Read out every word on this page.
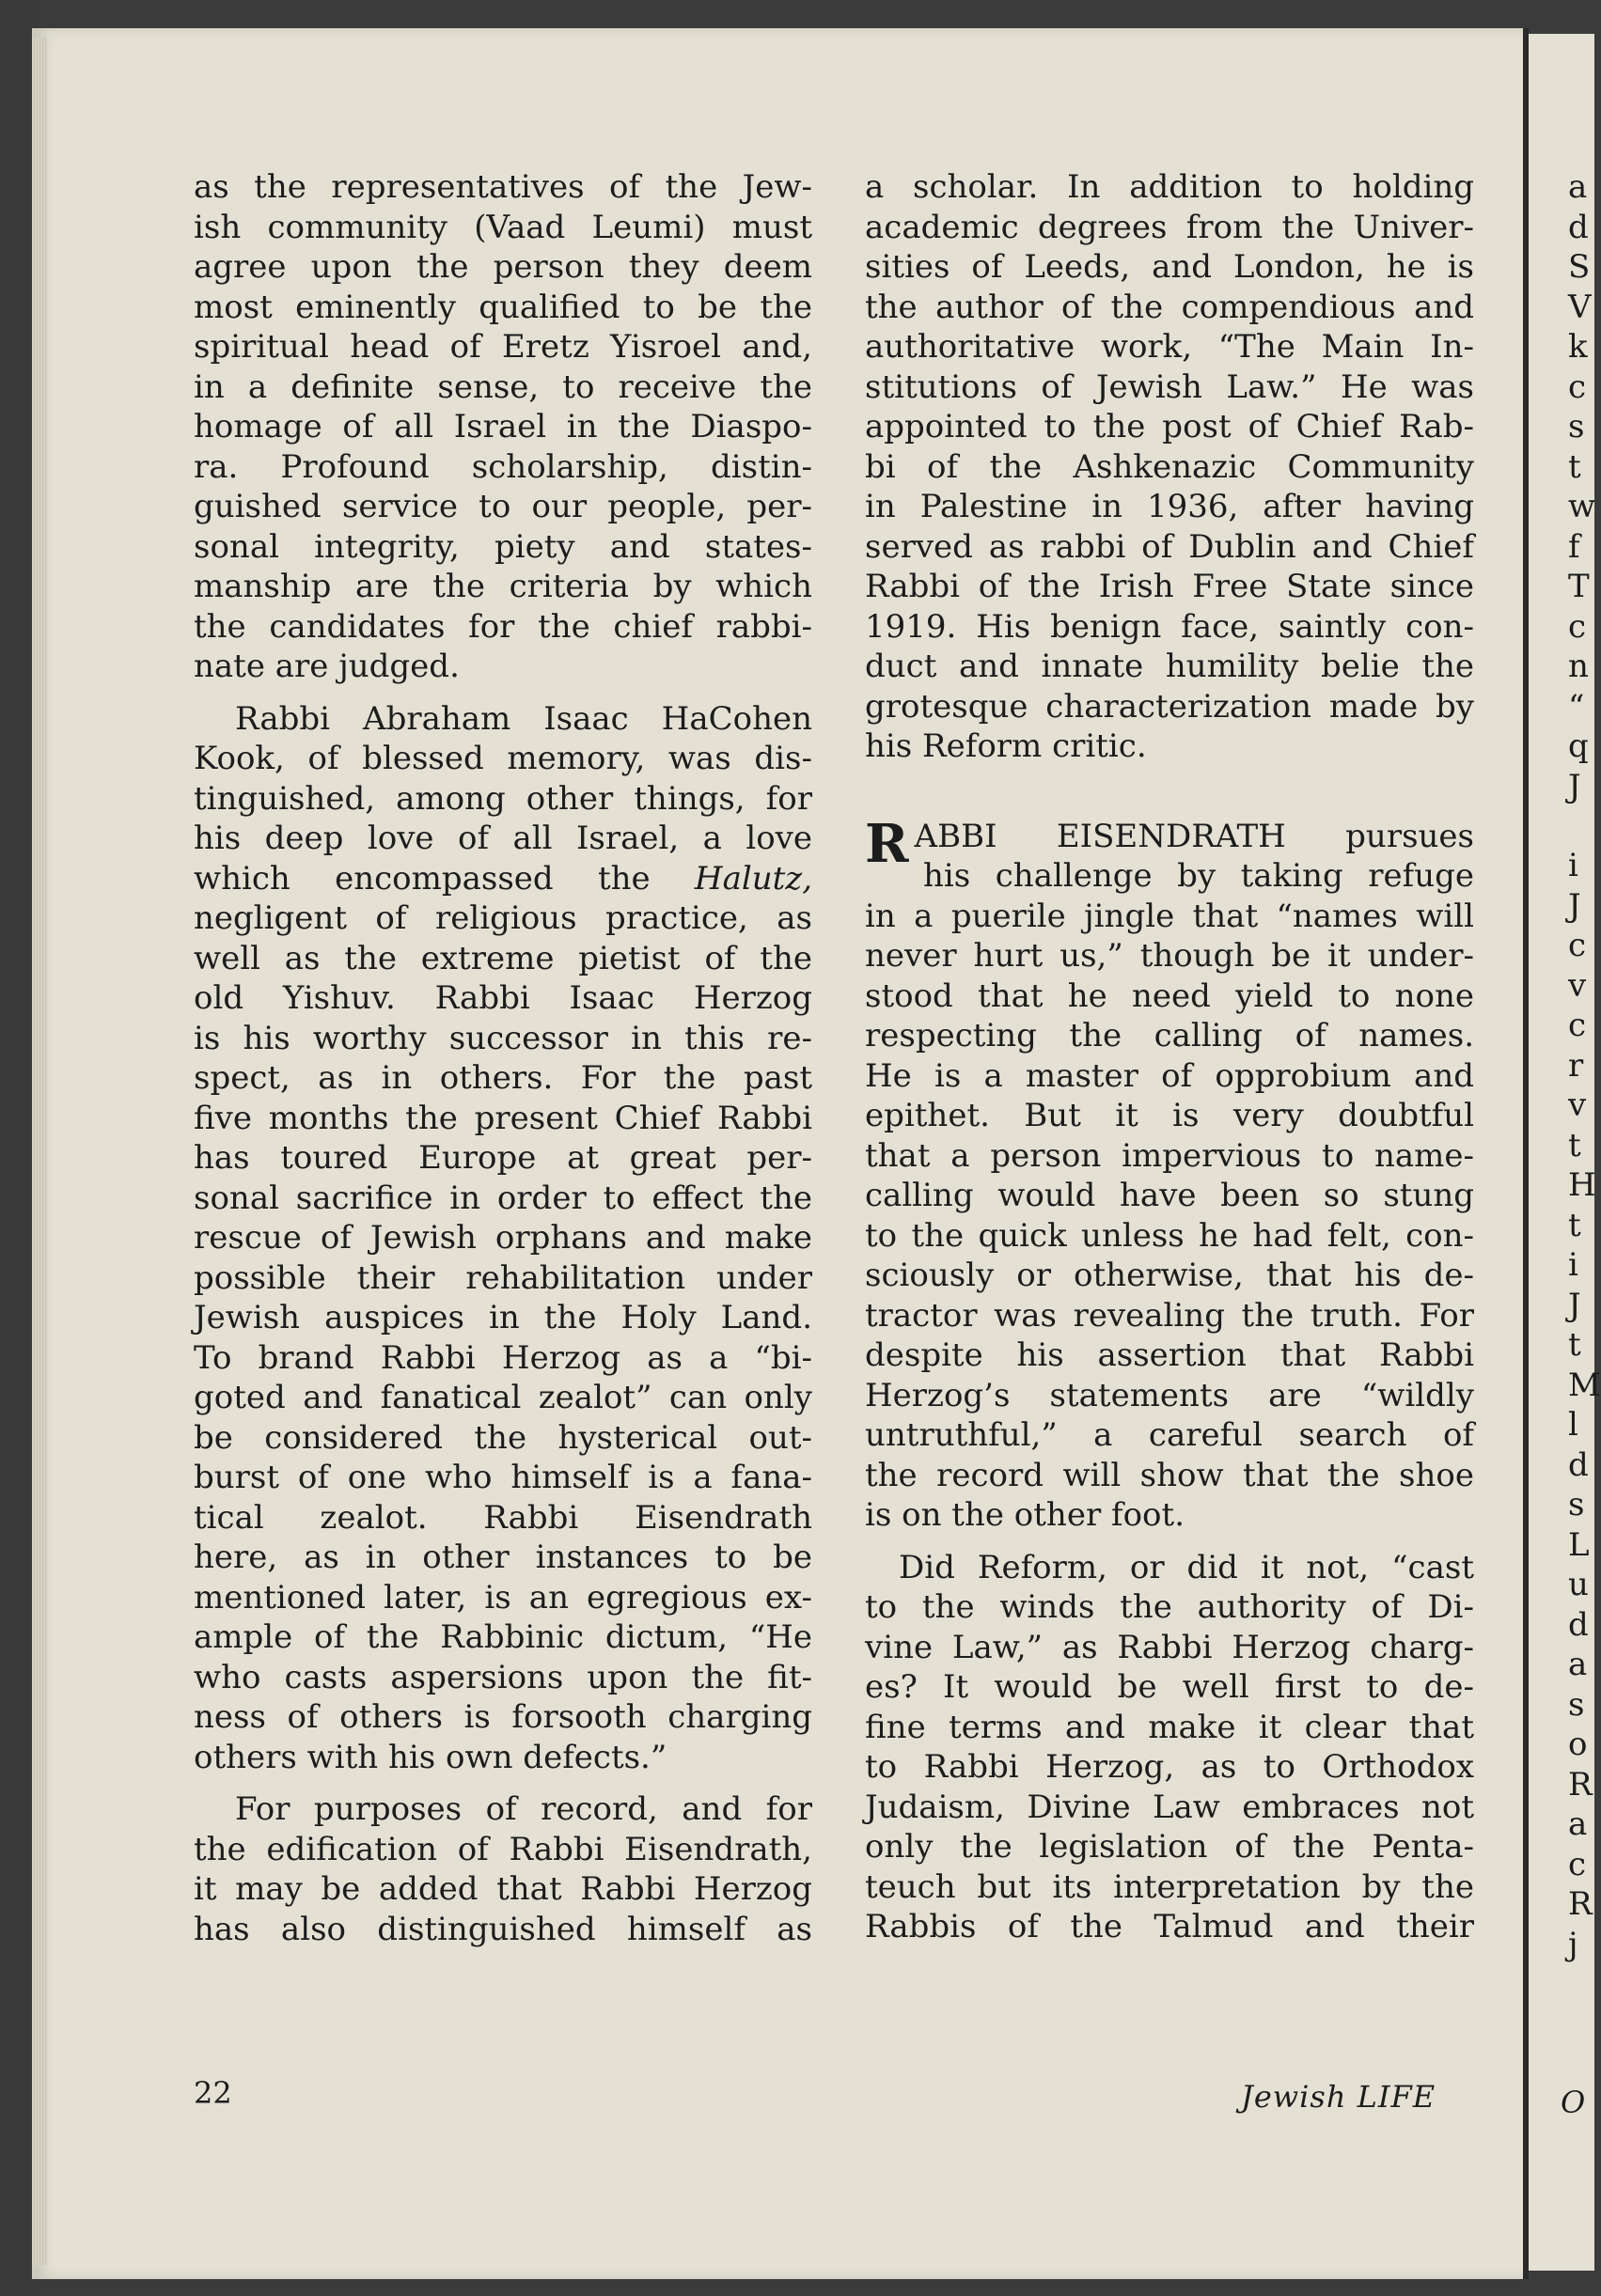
as the representatives of the Jew-
ish community (Vaad Leumi) must
agree upon the person they deem
most eminently qualified to be the
spiritual head of Eretz Yisroel and,
in a definite sense, to receive the
homage of all Israel in the Diaspo-
ra. Profound scholarship, distin-
guished service to our people, per-
sonal integrity, piety and states-
manship are the criteria by which
the candidates for the chief rabbi-
nate are judged.

Rabbi Abraham Isaac HaCohen
Kook, of blessed memory, was dis-
tinguished, among other things, for
his deep love of all Israel, a love
which encompassed the Halutz,
negligent of religious practice, as
well as the extreme pietist of the
old Yishuv. Rabbi Isaac Herzog
is his worthy successor in this re-
spect, as in others. For the past
five months the present Chief Rabbi
has toured Europe at great per-
sonal sacrifice in order to effect the
rescue of Jewish orphans and make
possible their rehabilitation under
Jewish auspices in the Holy Land.
To brand Rabbi Herzog as a “bi-
goted and fanatical zealot” can only
be considered the hysterical out-
burst of one who himself is a fana-
tical zealot. Rabbi Eisendrath
here, as in other instances to be
mentioned later, is an egregious ex-
ample of the Rabbinic dictum, “He
who casts aspersions upon the fit-
ness of others is forsooth charging
others with his own defects.”

For purposes of record, and for
the edification of Rabbi Eisendrath,
it may be added that Rabbi Herzog
has also distinguished himself as

a scholar. In addition to holding
academic degrees from the Univer-
sities of Leeds, and London, he is
the author of the compendious and
authoritative work, “The Main In-
stitutions of Jewish Law.” He was
appointed to the post of Chief Rab-
bi of the Ashkenazic Community
in Palestine in 1936, after having
served as rabbi of Dublin and Chief
Rabbi of the Irish Free State since
1919. His benign face, saintly con-
duct and innate humility belie the
grotesque characterization made by
his Reform critic.

R ABBI EISENDRATH pursues
his challenge by taking refuge
in a puerile jingle that “names will
never hurt us,” though be it under-
stood that he need yield to none
respecting the calling of names.
He is a master of opprobium and
epithet. But it is very doubtful
that a person impervious to name-
calling would have been so stung
to the quick unless he had felt, con-
sciously or otherwise, that his de-
tractor was revealing the truth. For
despite his assertion that Rabbi
Herzog’s statements are “wildly
untruthful,” a careful search of
the record will show that the shoe
is on the other foot.

Did Reform, or did it not, “cast
to the winds the authority of Di-
vine Law,” as Rabbi Herzog charg-
es? It would be well first to de-
fine terms and make it clear that
to Rabbi Herzog, as to Orthodox
Judaism, Divine Law embraces not
only the legislation of the Penta-
teuch but its interpretation by the
Rabbis of the Talmud and their

22	Jewish LIFE
a
d
S
V
k
c
s
t
w
f
T
c
n
“
q
J
i
J
c
v
c
r
v
t
H
t
i
J
t
M
l
d
s
L
u
d
a
s
o
R
a
c
R
j
O
